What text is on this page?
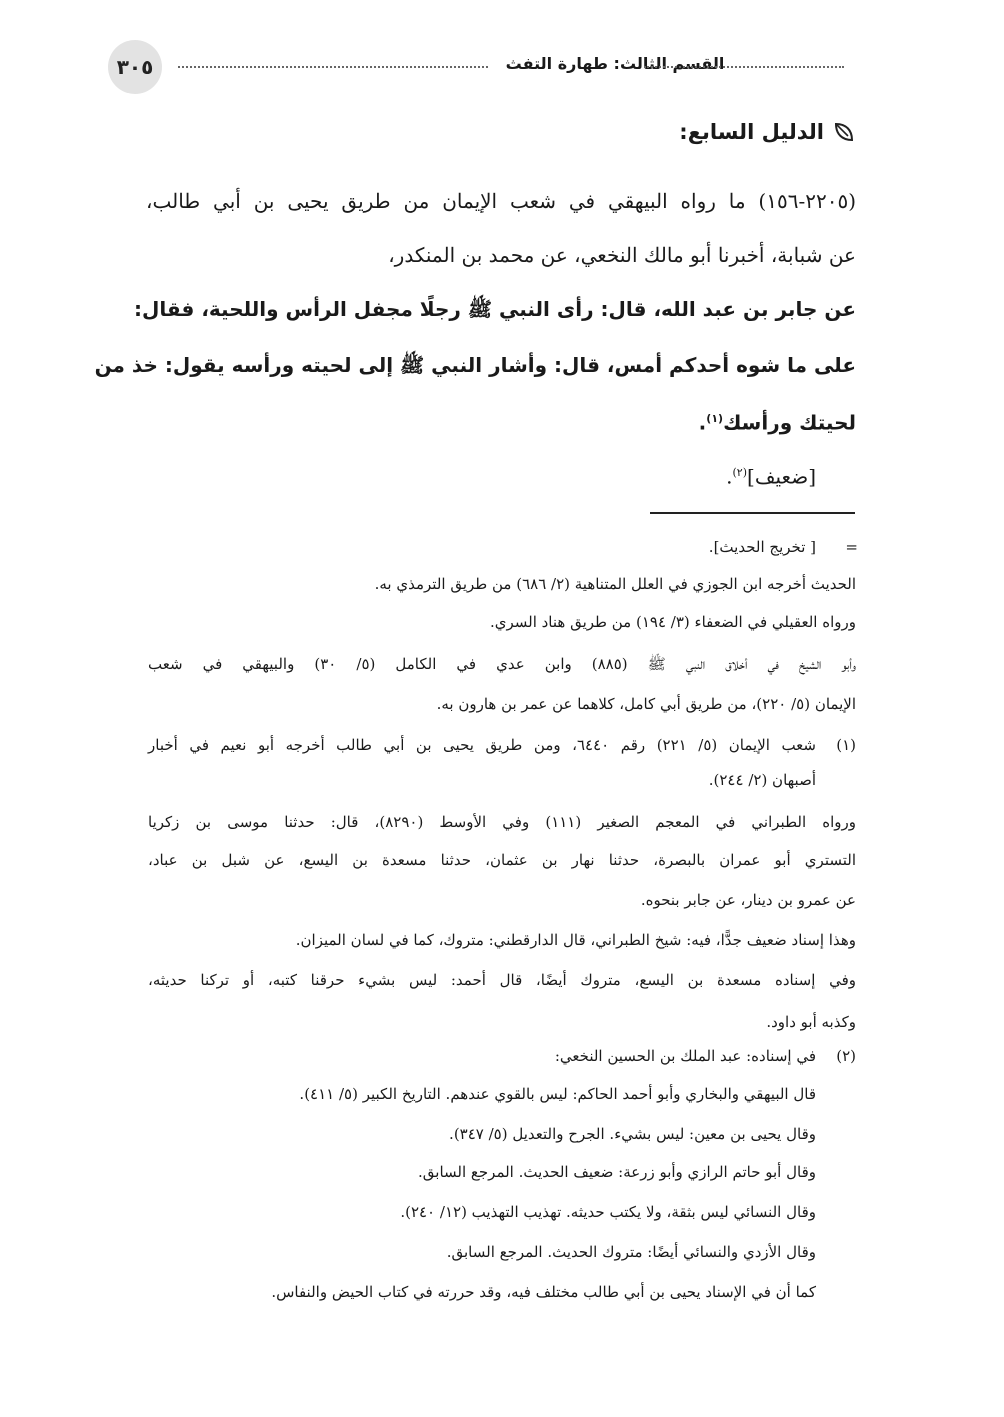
٣٠٥	القسم الثالث: طهارة التفث
الدليل السابع:
(٢٢٠٥-١٥٦) ما رواه البيهقي في شعب الإيمان من طريق يحيى بن أبي طالب،
عن شبابة، أخبرنا أبو مالك النخعي، عن محمد بن المنكدر،
عن جابر بن عبد الله، قال: رأى النبي ﷺ رجلًا مجفل الرأس واللحية، فقال:
على ما شوه أحدكم أمس، قال: وأشار النبي ﷺ إلى لحيته ورأسه يقول: خذ من
لحيتك ورأسك$^{(١)}$.
[ضعيف]$^{(٢)}$.
=
[ تخريج الحديث].
الحديث أخرجه ابن الجوزي في العلل المتناهية (٢/ ٦٨٦) من طريق الترمذي به.
ورواه العقيلي في الضعفاء (٣/ ١٩٤) من طريق هناد السري.
وأبو الشيخ في أخلاق النبي ﷺ (٨٨٥) وابن عدي في الكامل (٥/ ٣٠) والبيهقي في شعب
الإيمان (٥/ ٢٢٠)، من طريق أبي كامل، كلاهما عن عمر بن هارون به.
(١)
شعب الإيمان (٥/ ٢٢١) رقم ٦٤٤٠، ومن طريق يحيى بن أبي طالب أخرجه أبو نعيم في أخبار
أصبهان (٢/ ٢٤٤).
ورواه الطبراني في المعجم الصغير (١١١) وفي الأوسط (٨٢٩٠)، قال: حدثنا موسى بن زكريا
التستري أبو عمران بالبصرة، حدثنا نهار بن عثمان، حدثنا مسعدة بن اليسع، عن شبل بن عباد،
عن عمرو بن دينار، عن جابر بنحوه.
وهذا إسناد ضعيف جدًّا، فيه: شيخ الطبراني، قال الدارقطني: متروك، كما في لسان الميزان.
وفي إسناده مسعدة بن اليسع، متروك أيضًا، قال أحمد: ليس بشيء حرقنا كتبه، أو تركنا حديثه،
وكذبه أبو داود.
(٢)
في إسناده: عبد الملك بن الحسين النخعي:
قال البيهقي والبخاري وأبو أحمد الحاكم: ليس بالقوي عندهم. التاريخ الكبير (٥/ ٤١١).
وقال يحيى بن معين: ليس بشيء. الجرح والتعديل (٥/ ٣٤٧).
وقال أبو حاتم الرازي وأبو زرعة: ضعيف الحديث. المرجع السابق.
وقال النسائي ليس بثقة، ولا يكتب حديثه. تهذيب التهذيب (١٢/ ٢٤٠).
وقال الأزدي والنسائي أيضًا: متروك الحديث. المرجع السابق.
كما أن في الإسناد يحيى بن أبي طالب مختلف فيه، وقد حررته في كتاب الحيض والنفاس.
